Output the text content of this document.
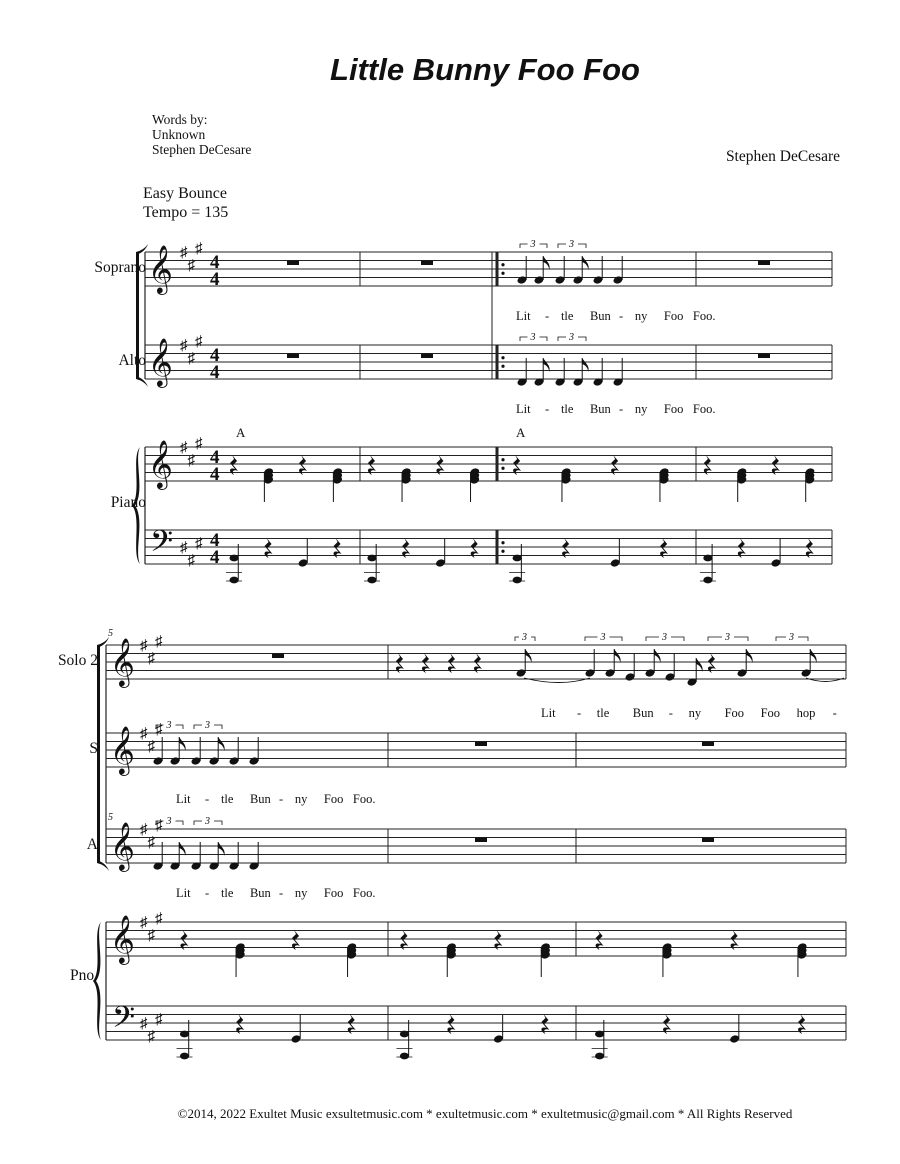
Little Bunny Foo Foo
Words by:
Unknown
Stephen DeCesare	Stephen DeCesare
Easy Bounce
Tempo = 135
Soprano
Alto
Piano
𝄞 ♯
♯
♯
4
4
𝄞 ♯
♯
♯
4
4
𝄞 ♯
♯
♯
4
4
𝄢 ♯
♯
♯ 4
4
3	3
3	3
Lit - tle Bun - ny Foo Foo.
Lit - tle Bun - ny Foo Foo.
A	A
5
5
Solo 2
S
A
Pno.
𝄞 ♯
♯
♯
𝄞 ♯
♯
♯
𝄞 ♯
♯
♯
𝄞 ♯
♯
♯
𝄢 ♯
♯
♯
3	3	3	3	3
Lit - tle Bun - ny Foo Foo hop -
3	3
3	3
Lit - tle Bun - ny Foo Foo.
Lit - tle Bun - ny Foo Foo.
©2014, 2022 Exultet Music exsultetmusic.com * exultetmusic.com * exultetmusic@gmail.com * All Rights Reserved
